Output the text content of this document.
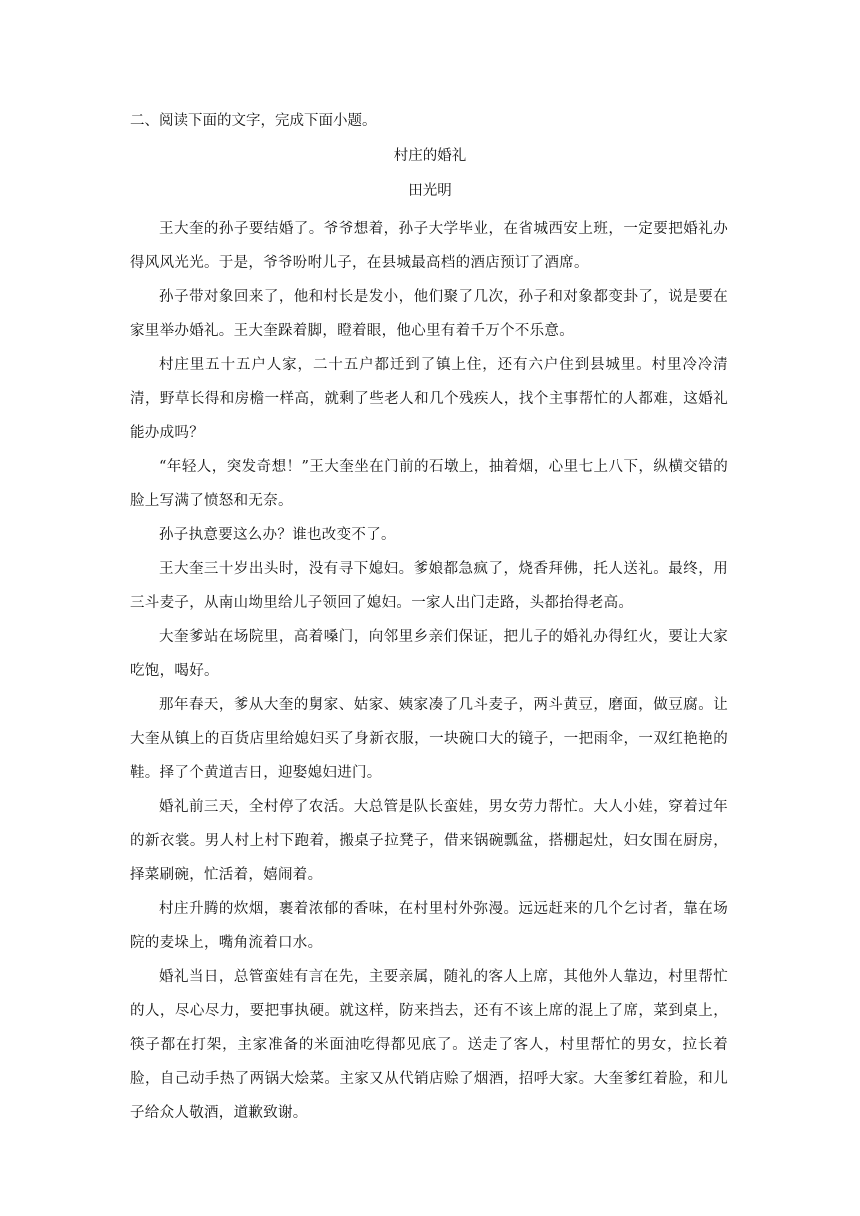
二、阅读下面的文字，完成下面小题。
村庄的婚礼
田光明

王大奎的孙子要结婚了。爷爷想着，孙子大学毕业，在省城西安上班，一定要把婚礼办得风风光光。于是，爷爷吩咐儿子，在县城最高档的酒店预订了酒席。

孙子带对象回来了，他和村长是发小，他们聚了几次，孙子和对象都变卦了，说是要在家里举办婚礼。王大奎跺着脚，瞪着眼，他心里有着千万个不乐意。

村庄里五十五户人家，二十五户都迁到了镇上住，还有六户住到县城里。村里冷冷清清，野草长得和房檐一样高，就剩了些老人和几个残疾人，找个主事帮忙的人都难，这婚礼能办成吗？

“年轻人，突发奇想！”王大奎坐在门前的石墩上，抽着烟，心里七上八下，纵横交错的脸上写满了愤怒和无奈。

孙子执意要这么办？谁也改变不了。

王大奎三十岁出头时，没有寻下媳妇。爹娘都急疯了，烧香拜佛，托人送礼。最终，用三斗麦子，从南山坳里给儿子领回了媳妇。一家人出门走路，头都抬得老高。

大奎爹站在场院里，高着嗓门，向邻里乡亲们保证，把儿子的婚礼办得红火，要让大家吃饱，喝好。

那年春天，爹从大奎的舅家、姑家、姨家凑了几斗麦子，两斗黄豆，磨面，做豆腐。让大奎从镇上的百货店里给媳妇买了身新衣服，一块碗口大的镜子，一把雨伞，一双红艳艳的鞋。择了个黄道吉日，迎娶媳妇进门。

婚礼前三天，全村停了农活。大总管是队长蛮娃，男女劳力帮忙。大人小娃，穿着过年的新衣裳。男人村上村下跑着，搬桌子拉凳子，借来锅碗瓢盆，搭棚起灶，妇女围在厨房，择菜刷碗，忙活着，嬉闹着。

村庄升腾的炊烟，裹着浓郁的香味，在村里村外弥漫。远远赶来的几个乞讨者，靠在场院的麦垛上，嘴角流着口水。

婚礼当日，总管蛮娃有言在先，主要亲属，随礼的客人上席，其他外人靠边，村里帮忙的人，尽心尽力，要把事执硬。就这样，防来挡去，还有不该上席的混上了席，菜到桌上，筷子都在打架，主家准备的米面油吃得都见底了。送走了客人，村里帮忙的男女，拉长着脸，自己动手热了两锅大烩菜。主家又从代销店赊了烟酒，招呼大家。大奎爹红着脸，和儿子给众人敬酒，道歉致谢。
